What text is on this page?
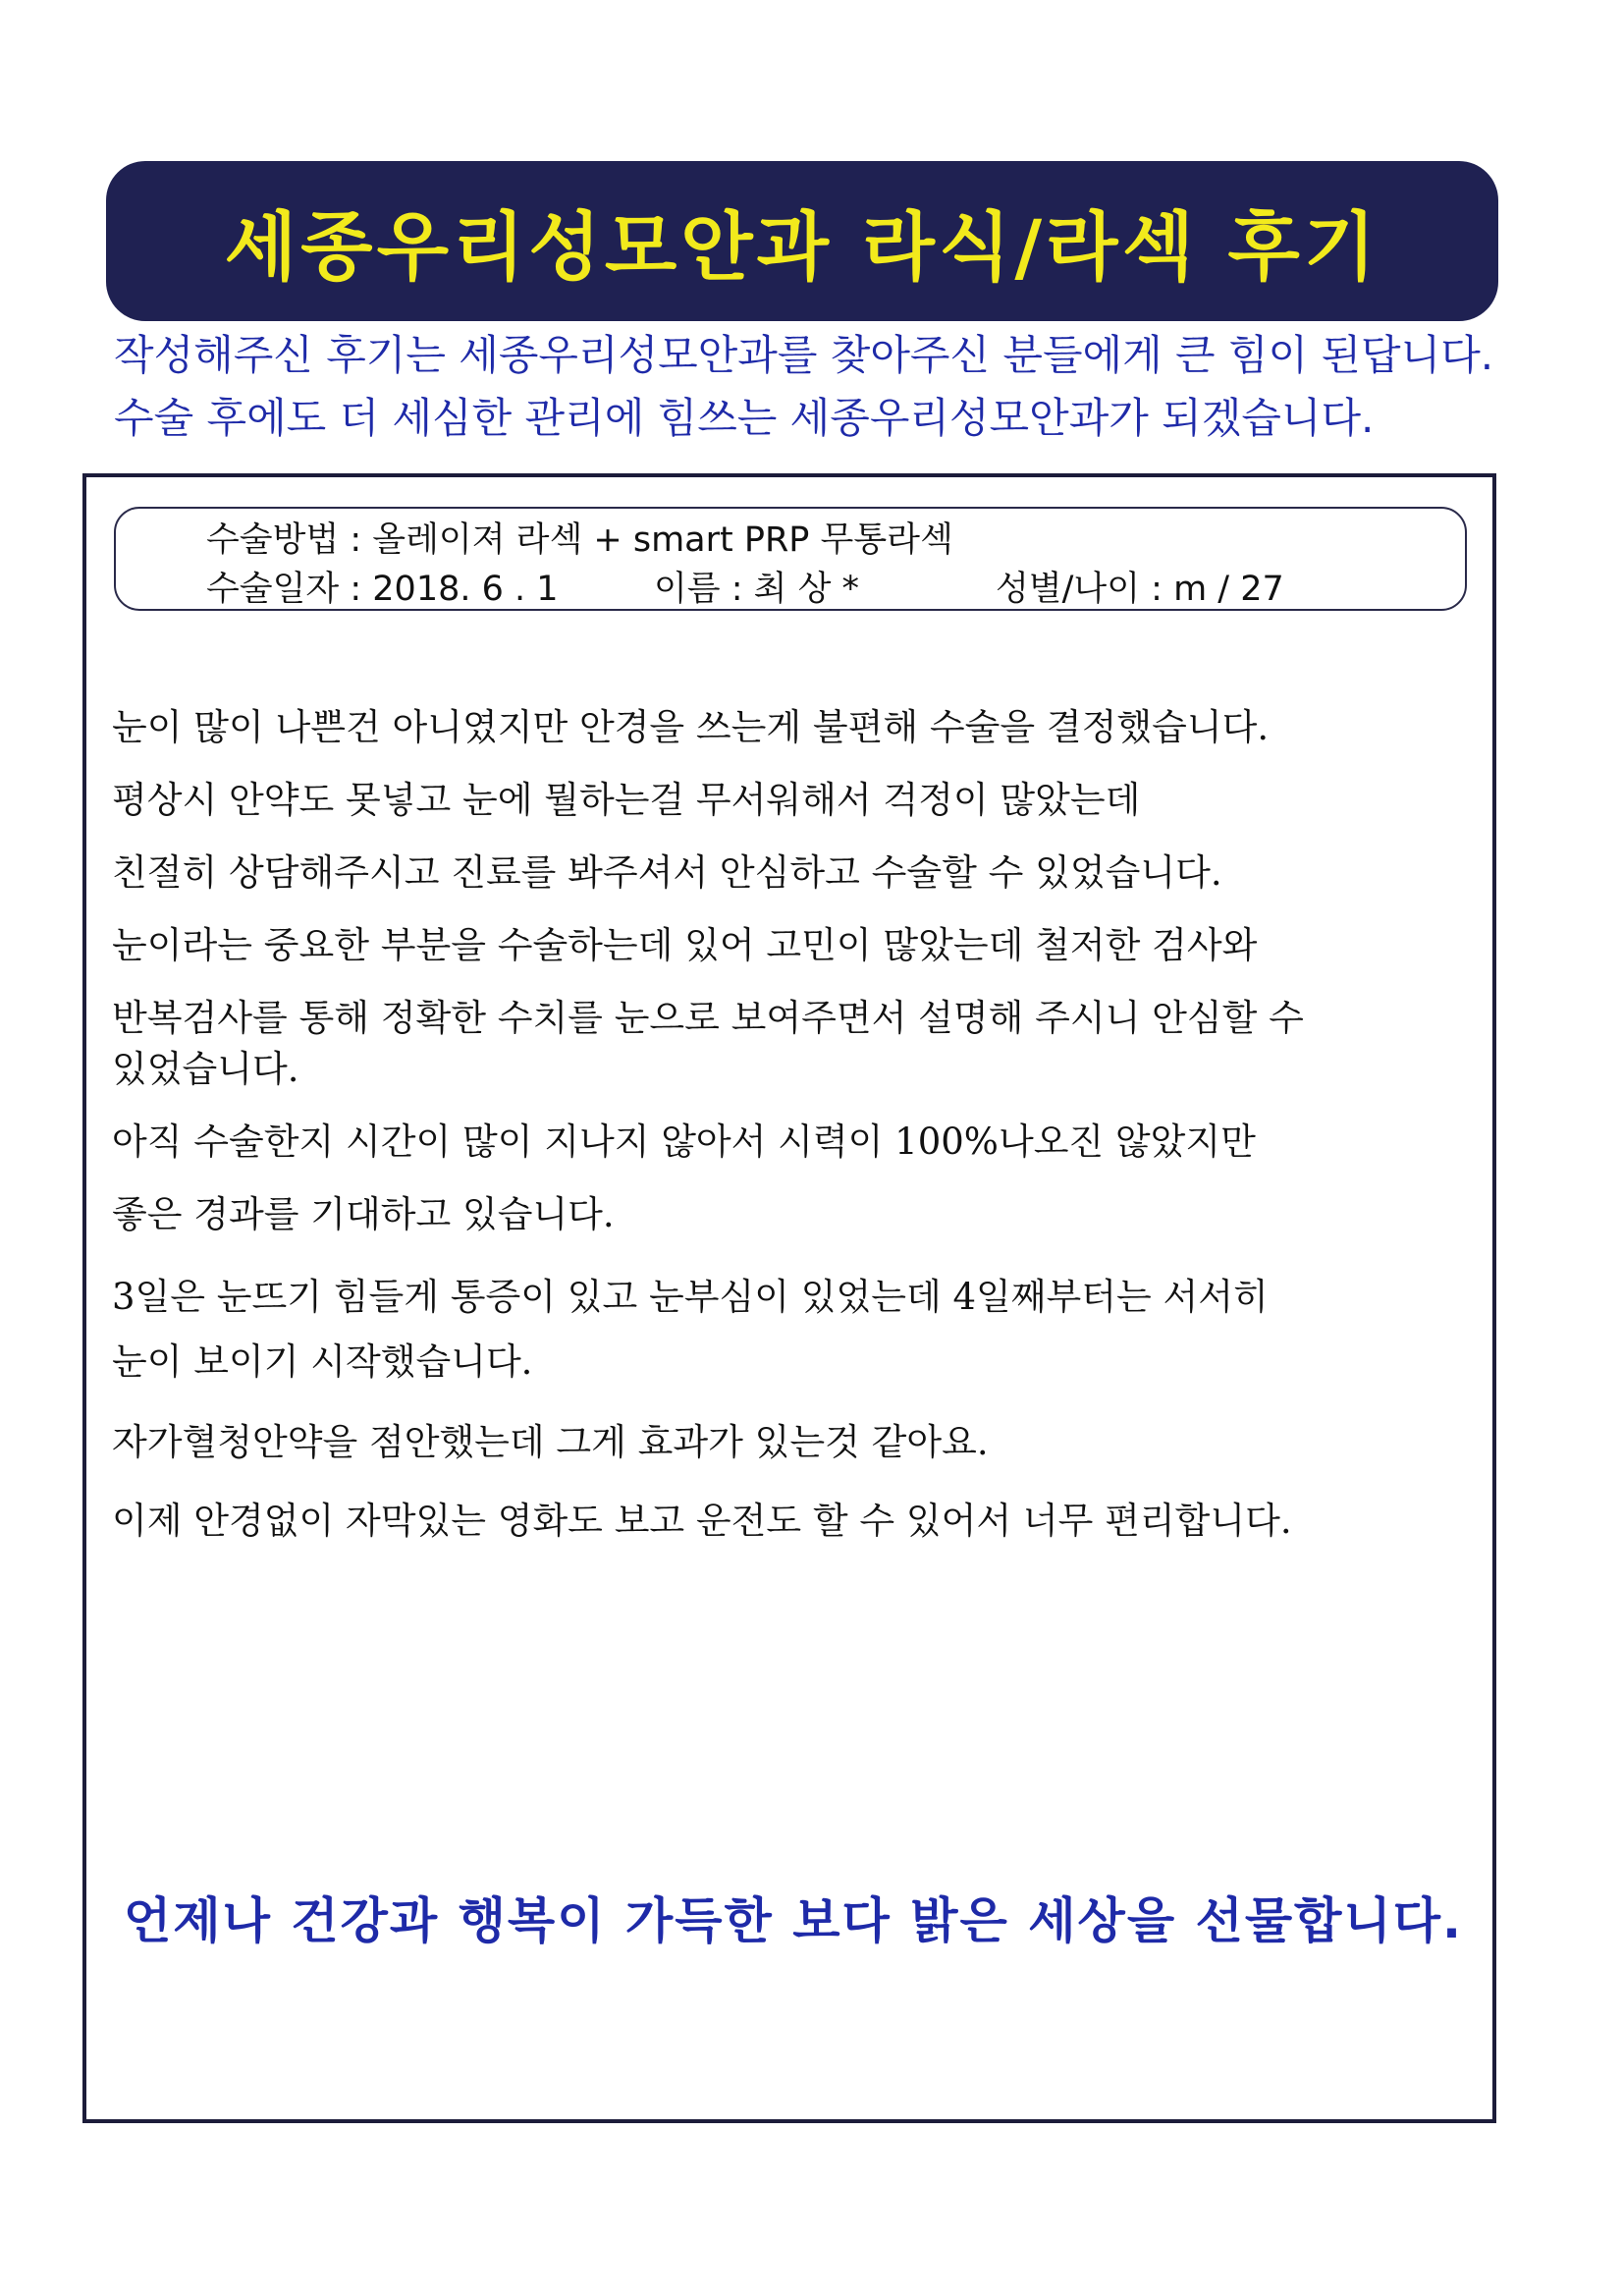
세종우리성모안과 라식/라섹 후기
작성해주신 후기는 세종우리성모안과를 찾아주신 분들에게 큰 힘이 된답니다.
수술 후에도 더 세심한 관리에 힘쓰는 세종우리성모안과가 되겠습니다.
수술방법 : 올레이져 라섹 + smart PRP 무통라섹
수술일자 : 2018. 6 . 1	이름 : 최 상 *	성별/나이 : m / 27
눈이 많이 나쁜건 아니였지만 안경을 쓰는게 불편해 수술을 결정했습니다.
평상시 안약도 못넣고 눈에 뭘하는걸 무서워해서 걱정이 많았는데
친절히 상담해주시고 진료를 봐주셔서 안심하고 수술할 수 있었습니다.
눈이라는 중요한 부분을 수술하는데 있어 고민이 많았는데 철저한 검사와
반복검사를 통해 정확한 수치를 눈으로 보여주면서 설명해 주시니 안심할 수
있었습니다.
아직 수술한지 시간이 많이 지나지 않아서 시력이 100%나오진 않았지만
좋은 경과를 기대하고 있습니다.
3일은 눈뜨기 힘들게 통증이 있고 눈부심이 있었는데 4일째부터는 서서히
눈이 보이기 시작했습니다.
자가혈청안약을 점안했는데 그게 효과가 있는것 같아요.
이제 안경없이 자막있는 영화도 보고 운전도 할 수 있어서 너무 편리합니다.
언제나 건강과 행복이 가득한 보다 밝은 세상을 선물합니다.
